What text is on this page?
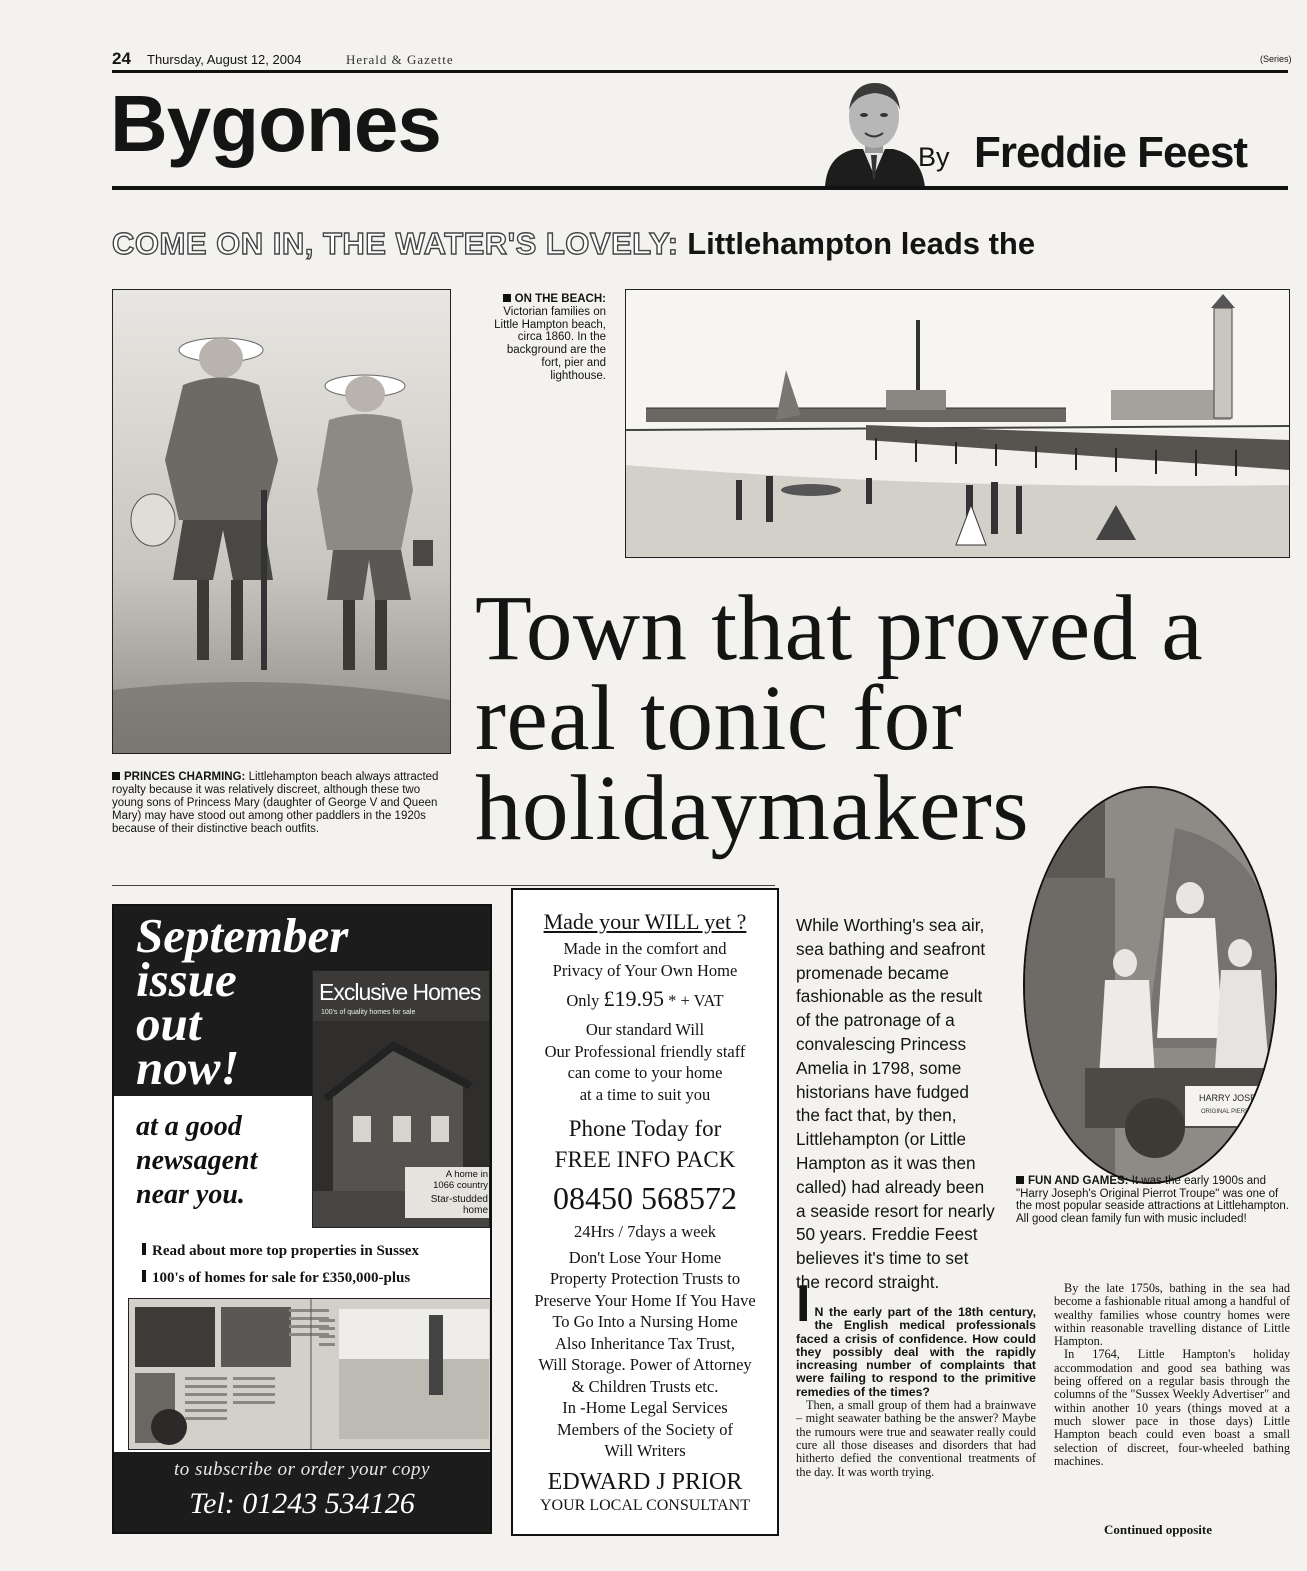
24 Thursday, August 12, 2004	Herald & Gazette	(Series)
Bygones	By Freddie Feest
COME ON IN, THE WATER'S LOVELY: Littlehampton leads the
PRINCES CHARMING: Littlehampton beach always attracted royalty because it was relatively discreet, although these two young sons of Princess Mary (daughter of George V and Queen Mary) may have stood out among other paddlers in the 1920s because of their distinctive beach outfits.
ON THE BEACH:
Victorian families on Little Hampton beach, circa 1860. In the background are the fort, pier and lighthouse.
Town that proved a
real tonic for
holidaymakers
HARRY JOSE
ORIGINAL PIERR
FUN AND GAMES: It was the early 1900s and "Harry Joseph's Original Pierrot Troupe" was one of the most popular seaside attractions at Littlehampton. All good clean family fun with music included!
September
issue
out
now!
at a good
newsagent
near you.
Exclusive Homes
100's of quality homes for sale
A home in
1066 country
Star-studded home
Read about more top properties in Sussex
100's of homes for sale for £350,000-plus
to subscribe or order your copy
Tel: 01243 534126
Made your WILL yet ?
Made in the comfort and
Privacy of Your Own Home
Only £19.95 * + VAT
Our standard Will
Our Professional friendly staff
can come to your home
at a time to suit you
Phone Today for
FREE INFO PACK
08450 568572
24Hrs / 7days a week
Don't Lose Your Home
Property Protection Trusts to
Preserve Your Home If You Have
To Go Into a Nursing Home
Also Inheritance Tax Trust,
Will Storage. Power of Attorney
& Children Trusts etc.
In -Home Legal Services
Members of the Society of
Will Writers
EDWARD J PRIOR
YOUR LOCAL CONSULTANT
While Worthing's sea air, sea bathing and seafront promenade became fashionable as the result of the patronage of a convalescing Princess Amelia in 1798, some historians have fudged the fact that, by then, Littlehampton (or Little Hampton as it was then called) had already been a seaside resort for nearly 50 years. Freddie Feest believes it's time to set the record straight.
I N the early part of the 18th century, the English medical professionals faced a crisis of confidence. How could they possibly deal with the rapidly increasing number of complaints that were failing to respond to the primitive remedies of the times?

Then, a small group of them had a brainwave – might seawater bathing be the answer? Maybe the rumours were true and seawater really could cure all those diseases and disorders that had hitherto defied the conventional treatments of the day. It was worth trying.

By the late 1750s, bathing in the sea had become a fashionable ritual among a handful of wealthy families whose country homes were within reasonable travelling distance of Little Hampton.

In 1764, Little Hampton's holiday accommodation and good sea bathing was being offered on a regular basis through the columns of the "Sussex Weekly Advertiser" and within another 10 years (things moved at a much slower pace in those days) Little Hampton beach could even boast a small selection of discreet, four-wheeled bathing machines.

Continued opposite
